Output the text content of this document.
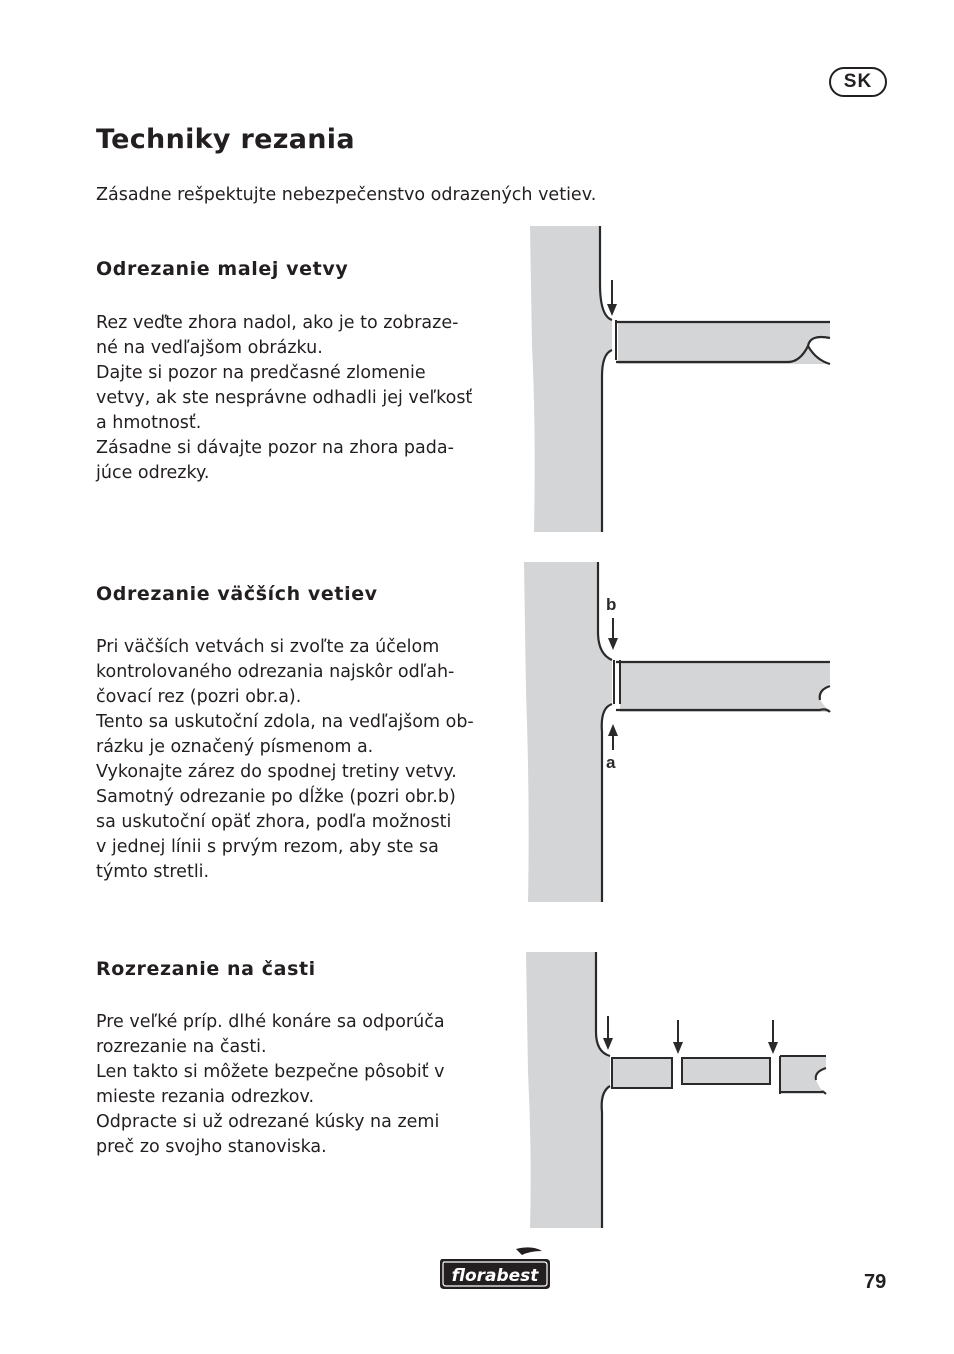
SK
Techniky rezania

Zásadne rešpektujte nebezpečenstvo odrazených vetiev.

Odrezanie malej vetvy

Rez veďte zhora nadol, ako je to zobraze-
né na vedľajšom obrázku.
Dajte si pozor na predčasné zlomenie
vetvy, ak ste nesprávne odhadli jej veľkosť
a hmotnosť.
Zásadne si dávajte pozor na zhora pada-
júce odrezky.

Odrezanie väčších vetiev

Pri väčších vetvách si zvoľte za účelom
kontrolovaného odrezania najskôr odľah-
čovací rez (pozri obr.a).
Tento sa uskutoční zdola, na vedľajšom ob-
rázku je označený písmenom a.
Vykonajte zárez do spodnej tretiny vetvy.
Samotný odrezanie po dĺžke (pozri obr.b)
sa uskutoční opäť zhora, podľa možnosti
v jednej línii s prvým rezom, aby ste sa
týmto stretli.

b
a
Rozrezanie na časti

Pre veľké príp. dlhé konáre sa odporúča
rozrezanie na časti.
Len takto si môžete bezpečne pôsobiť v
mieste rezania odrezkov.
Odpracte si už odrezané kúsky na zemi
preč zo svojho stanoviska.

florabest	79
